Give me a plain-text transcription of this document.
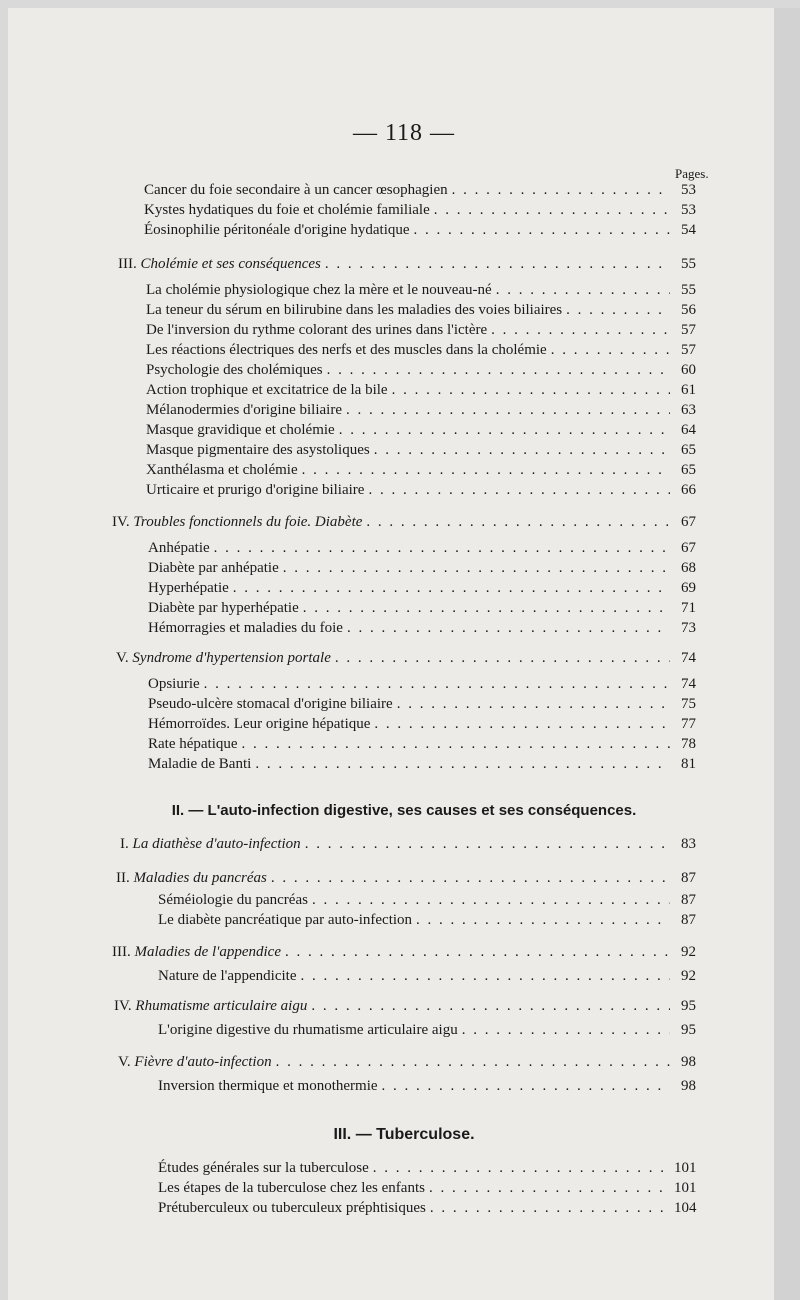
— 118 —
Pages.
Cancer du foie secondaire à un cancer œsophagien . . .	53
Kystes hydatiques du foie et cholémie familiale . . .	53
Éosinophilie péritonéale d'origine hydatique . . .	54
III. Cholémie et ses conséquences . . .	55
La cholémie physiologique chez la mère et le nouveau-né . . .	55
La teneur du sérum en bilirubine dans les maladies des voies biliaires . . .	56
De l'inversion du rythme colorant des urines dans l'ictère . . .	57
Les réactions électriques des nerfs et des muscles dans la cholémie . . .	57
Psychologie des cholémiques . . .	60
Action trophique et excitatrice de la bile . . .	61
Mélanodermies d'origine biliaire . . .	63
Masque gravidique et cholémie . . .	64
Masque pigmentaire des asystoliques . . .	65
Xanthélasma et cholémie . . .	65
Urticaire et prurigo d'origine biliaire . . .	66
IV. Troubles fonctionnels du foie. Diabète . . .	67
Anhépatie . . .	67
Diabète par anhépatie . . .	68
Hyperhépatie . . .	69
Diabète par hyperhépatie . . .	71
Hémorragies et maladies du foie . . .	73
V. Syndrome d'hypertension portale . . .	74
Opsiurie . . .	74
Pseudo-ulcère stomacal d'origine biliaire . . .	75
Hémorroïdes. Leur origine hépatique . . .	77
Rate hépatique . . .	78
Maladie de Banti . . .	81
II. — L'auto-infection digestive, ses causes et ses conséquences.
I. La diathèse d'auto-infection . . .	83
II. Maladies du pancréas . . .	87
Séméiologie du pancréas . . .	87
Le diabète pancréatique par auto-infection . . .	87
III. Maladies de l'appendice . . .	92
Nature de l'appendicite . . .	92
IV. Rhumatisme articulaire aigu . . .	95
L'origine digestive du rhumatisme articulaire aigu . . .	95
V. Fièvre d'auto-infection . . .	98
Inversion thermique et monothermie . . .	98
III. — Tuberculose.
Études générales sur la tuberculose . . .	101
Les étapes de la tuberculose chez les enfants . . .	101
Prétuberculeux ou tuberculeux préphtisiques . . .	104
